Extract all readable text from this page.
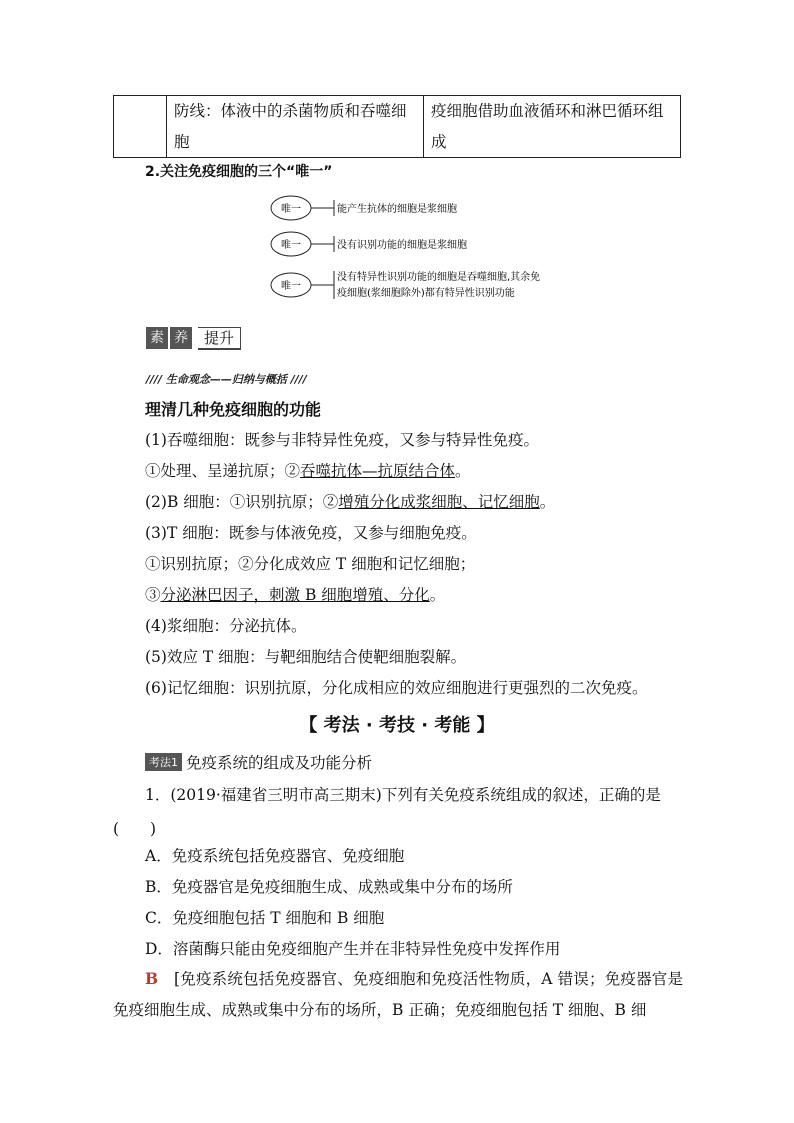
防线：体液中的杀菌物质和吞噬细胞
疫细胞借助血液循环和淋巴循环组成
2.关注免疫细胞的三个“唯一”
唯一	能产生抗体的细胞是浆细胞
唯一	没有识别功能的细胞是浆细胞
唯一
没有特异性识别功能的细胞是吞噬细胞,其余免
疫细胞(浆细胞除外)都有特异性识别功能
素 养 提升
//// 生命观念——归纳与概括 ////
理清几种免疫细胞的功能
(1)吞噬细胞：既参与非特异性免疫，又参与特异性免疫。
①处理、呈递抗原；②吞噬抗体—抗原结合体。
(2)B 细胞：①识别抗原；②增殖分化成浆细胞、记忆细胞。
(3)T 细胞：既参与体液免疫，又参与细胞免疫。
①识别抗原；②分化成效应 T 细胞和记忆细胞；
③分泌淋巴因子，刺激 B 细胞增殖、分化。
(4)浆细胞：分泌抗体。
(5)效应 T 细胞：与靶细胞结合使靶细胞裂解。
(6)记忆细胞：识别抗原，分化成相应的效应细胞进行更强烈的二次免疫。
【 考法 · 考技 · 考能 】
考法1 免疫系统的组成及功能分析
1．(2019·福建省三明市高三期末)下列有关免疫系统组成的叙述，正确的是
(　　)
A．免疫系统包括免疫器官、免疫细胞
B．免疫器官是免疫细胞生成、成熟或集中分布的场所
C．免疫细胞包括 T 细胞和 B 细胞
D．溶菌酶只能由免疫细胞产生并在非特异性免疫中发挥作用
B　 [免疫系统包括免疫器官、免疫细胞和免疫活性物质，A 错误；免疫器官是免疫细胞生成、成熟或集中分布的场所，B 正确；免疫细胞包括 T 细胞、B 细
